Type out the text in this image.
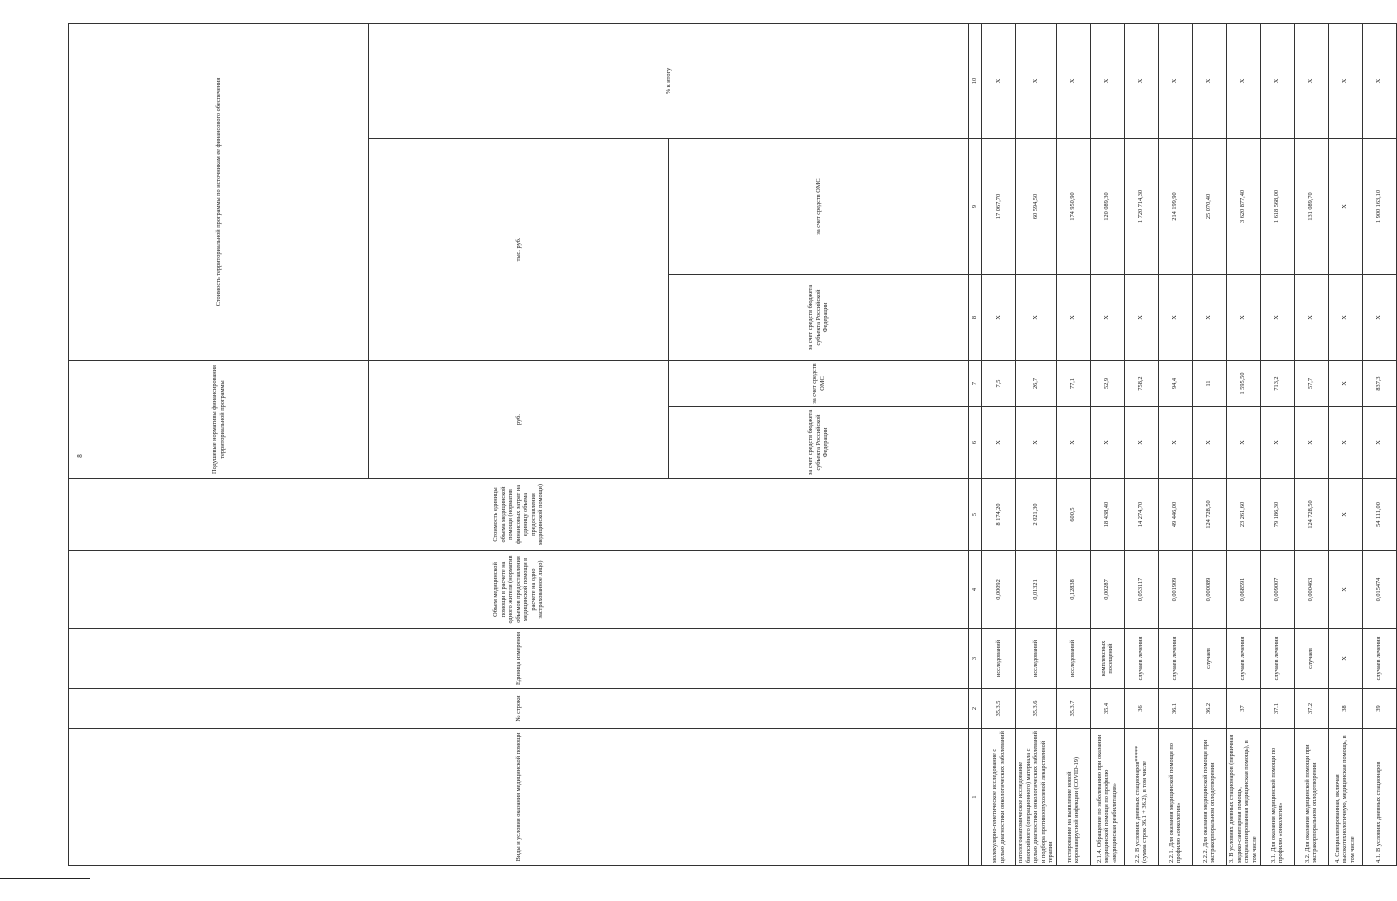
8
Виды и условия оказания медицинской помощи	№ строки	Единица измерения	Объем медицинской помощи в расчете на одного жителя (норматив объемов предоставления медицинской помощи в расчете на одно застрахованное лицо)	Стоимость единицы объема медицинской помощи (норматив финансовых затрат на единицу объема предоставления медицинской помощи)	Подушевые нормативы финансирования территориальной программы		Стоимость территориальной программы по источникам ее финансового обеспечения		
					руб.		тыс. руб.		% к итогу
					за счет средств бюджета субъекта Российской Федерации	за счет средств ОМС	за счет средств бюджета субъекта Российской Федерации	за счет средств ОМС	
1	2	3	4	5	6	7	8	9	10
молекулярно-генетическое исследование с целью диагностики онкологических заболеваний	35.3.5	исследований	0,00092	8 174,20	X	7,5	X	17 067,70	X
патологоанатомическое исследование биопсийного (операционного) материала с целью диагностики онкологических заболеваний и подбора противоопухолевой лекарственной терапии	35.3.6	исследований	0,01321	2 021,30	X	26,7	X	60 594,50	X
тестирование на выявление новой коронавирусной инфекции (COVID-19)	35.3.7	исследований	0,12838	600,5	X	77,1	X	174 950,90	X
2.1.4. Обращение по заболеванию при оказании медицинской помощи по профилю «медицинская реабилитация»	35.4	комплексных посещений	0,00287	18 438,40	X	52,9	X	120 089,30	X
2.2. В условиях дневных стационаров***** (сумма строк 36.1 + 36.2), в том числе	36	случаев лечения	0,053117	14 274,70	X	758,2	X	1 720 714,30	X
2.2.1. Для оказания медицинской помощи по профилю «онкология»	36.1	случаев лечения	0,001909	49 446,00	X	94,4	X	214 199,90	X
2.2.2. Для оказания медицинской помощи при экстракорпоральном оплодотворении	36.2	случаев	0,000089	124 728,50	X	11	X	25 070,40	X
3. В условиях дневных стационаров (первичная медико-санитарная помощь, специализированная медицинская помощь), в том числе	37	случаев лечения	0,068591	23 261,60	X	1 595,50	X	3 620 877,40	X
3.1. Для оказания медицинской помощи по профилю «онкология»	37.1	случаев лечения	0,009007	79 186,30	X	713,2	X	1 618 568,00	X
3.2. Для оказания медицинской помощи при экстракорпоральном оплодотворении	37.2	случаев	0,000463	124 728,50	X	57,7	X	131 089,70	X
4. Специализированная, включая высокотехнологичную, медицинская помощь, в том числе	38	X	X	X	X	X	X	X	X
4.1. В условиях дневных стационаров	39	случаев лечения	0,015474	54 111,00	X	837,3	X	1 900 163,10	X
